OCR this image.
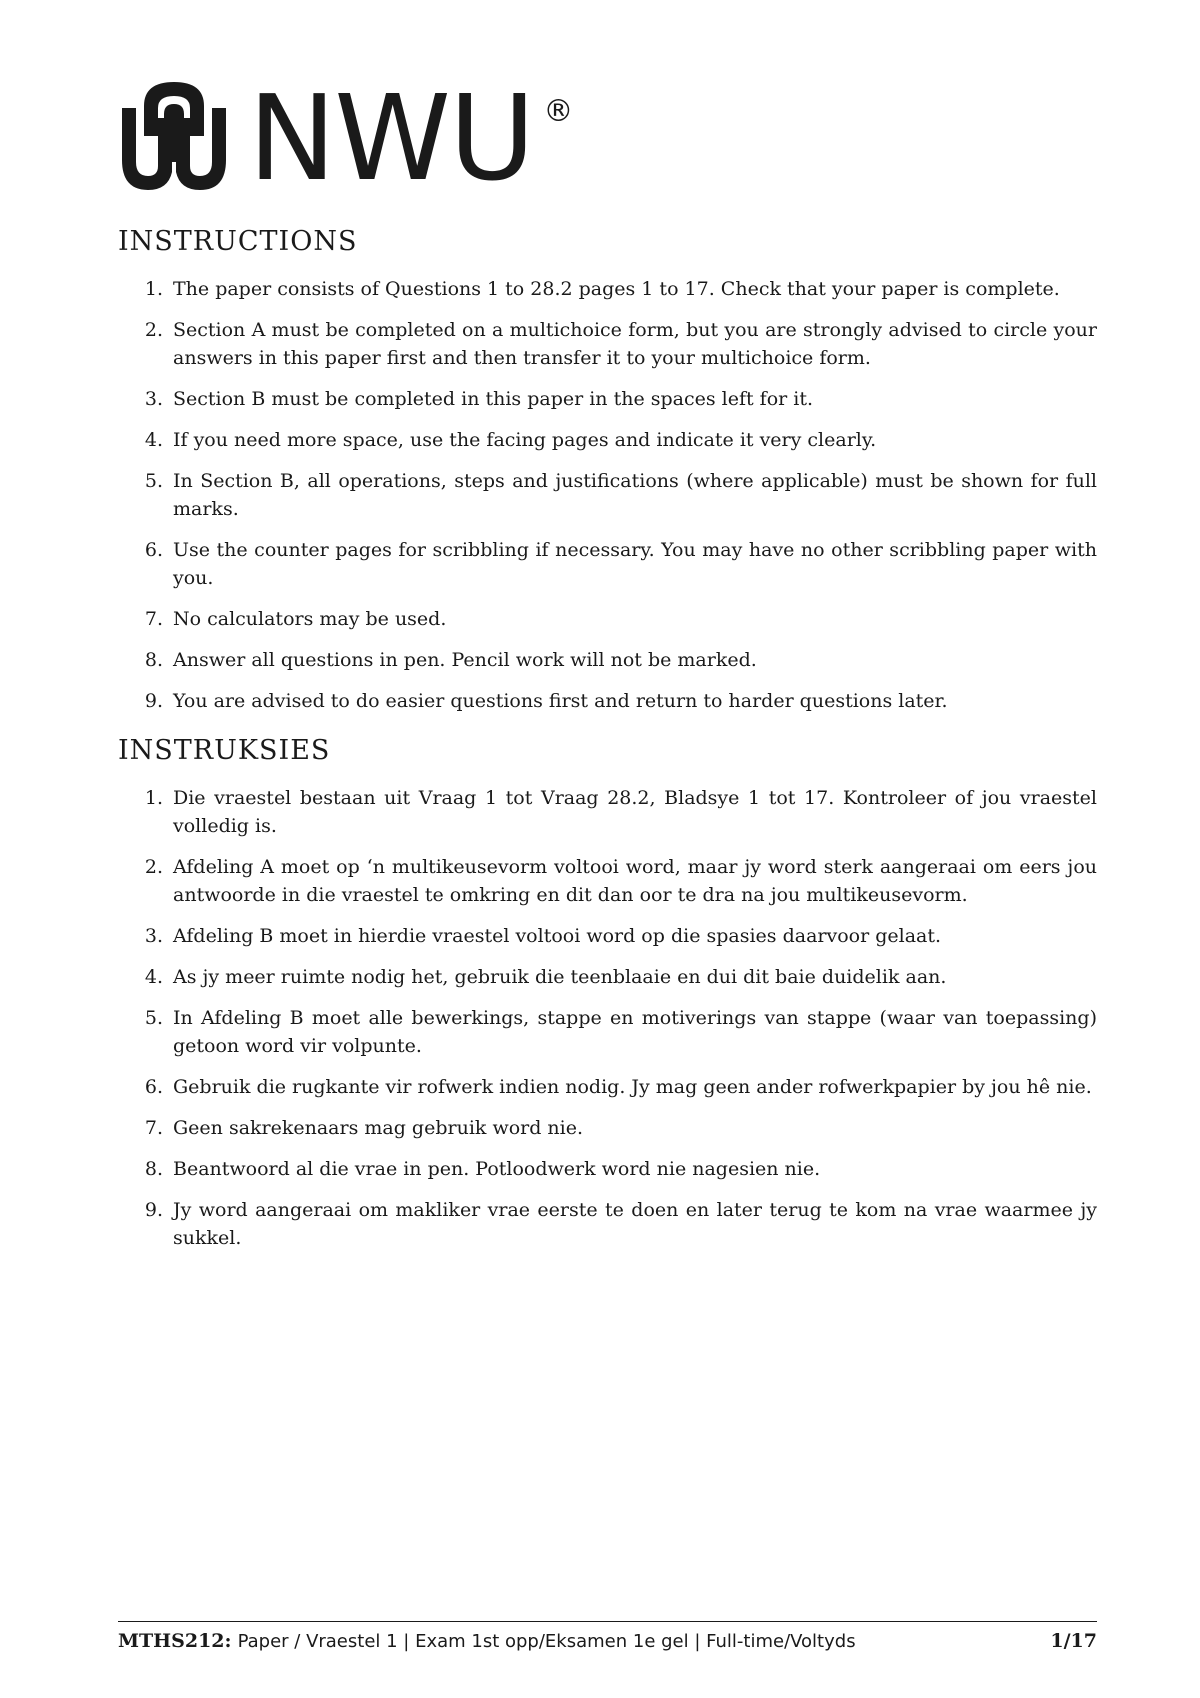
NWU ®
INSTRUCTIONS
1. The paper consists of Questions 1 to 28.2 pages 1 to 17. Check that your paper is complete.
2. Section A must be completed on a multichoice form, but you are strongly advised to circle your answers in this paper first and then transfer it to your multichoice form.
3. Section B must be completed in this paper in the spaces left for it.
4. If you need more space, use the facing pages and indicate it very clearly.
5. In Section B, all operations, steps and justifications (where applicable) must be shown for full marks.
6. Use the counter pages for scribbling if necessary. You may have no other scribbling paper with you.
7. No calculators may be used.
8. Answer all questions in pen. Pencil work will not be marked.
9. You are advised to do easier questions first and return to harder questions later.
INSTRUKSIES
1. Die vraestel bestaan uit Vraag 1 tot Vraag 28.2, Bladsye 1 tot 17. Kontroleer of jou vraestel volledig is.
2. Afdeling A moet op ‘n multikeusevorm voltooi word, maar jy word sterk aangeraai om eers jou antwoorde in die vraestel te omkring en dit dan oor te dra na jou multikeusevorm.
3. Afdeling B moet in hierdie vraestel voltooi word op die spasies daarvoor gelaat.
4. As jy meer ruimte nodig het, gebruik die teenblaaie en dui dit baie duidelik aan.
5. In Afdeling B moet alle bewerkings, stappe en motiverings van stappe (waar van toepassing) getoon word vir volpunte.
6. Gebruik die rugkante vir rofwerk indien nodig. Jy mag geen ander rofwerkpapier by jou hê nie.
7. Geen sakrekenaars mag gebruik word nie.
8. Beantwoord al die vrae in pen. Potloodwerk word nie nagesien nie.
9. Jy word aangeraai om makliker vrae eerste te doen en later terug te kom na vrae waarmee jy sukkel.
MTHS212: Paper / Vraestel 1 | Exam 1st opp/Eksamen 1e gel | Full-time/Voltyds	1/17
